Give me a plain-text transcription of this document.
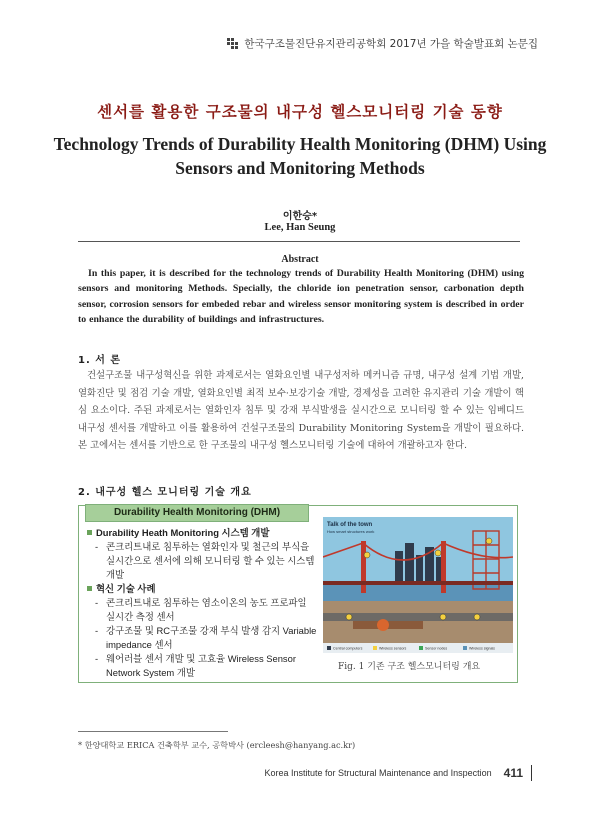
한국구조물진단유지관리공학회 2017년 가을 학술발표회 논문집
센서를 활용한 구조물의 내구성 헬스모니터링 기술 동향
Technology Trends of Durability Health Monitoring (DHM) Using Sensors and Monitoring Methods
이한승*
Lee, Han Seung
Abstract
In this paper, it is described for the technology trends of Durability Health Monitoring (DHM) using sensors and monitoring Methods. Specially, the chloride ion penetration sensor, carbonation depth sensor, corrosion sensors for embeded rebar and wireless sensor monitoring system is described in order to enhance the durability of buildings and infrastructures.
1. 서 론
건설구조물 내구성혁신을 위한 과제로서는 열화요인별 내구성저하 메커니즘 규명, 내구성 설계 기법 개발, 열화진단 및 점검 기술 개발, 열화요인별 최적 보수·보강기술 개발, 경제성을 고려한 유지관리 기술 개발이 핵심 요소이다. 주된 과제로서는 열화인자 침투 및 강재 부식발생을 실시간으로 모니터링 할 수 있는 임베디드 내구성 센서를 개발하고 이를 활용하여 건설구조물의 Durability Monitoring System을 개발이 필요하다. 본 고에서는 센서를 기반으로 한 구조물의 내구성 헬스모니터링 기술에 대하여 개괄하고자 한다.
2. 내구성 헬스 모니터링 기술 개요
Durability Health Monitoring (DHM)
Durability Heath Monitoring 시스템 개발
- 콘크리트내로 침투하는 열화인자 및 철근의 부식을 실시간으로 센서에 의해 모니터링 할 수 있는 시스템 개발
혁신 기술 사례
- 콘크리트내로 침투하는 염소이온의 농도 프로파일 실시간 측정 센서
- 강구조물 및 RC구조물 강재 부식 발생 감지 Variable impedance 센서
- 웨어러블 센서 개발 및 고효율 Wireless Sensor Network System 개발
Talk of the town
How smart structures work
Central computers	Wireless sensors	Sensor nodes	Wireless signals
Fig. 1 기존 구조 헬스모니터링 개요
* 한양대학교 ERICA 건축학부 교수, 공학박사 (ercleesh@hanyang.ac.kr)
Korea Institute for Structural Maintenance and Inspection 411
